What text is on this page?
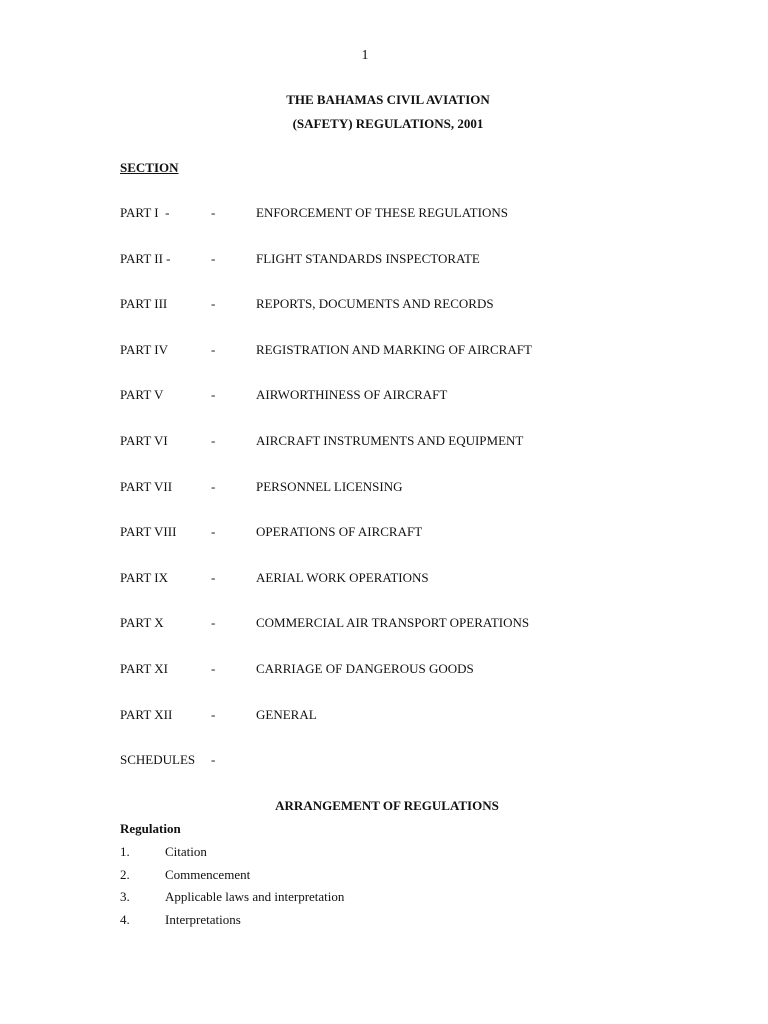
1
THE BAHAMAS CIVIL AVIATION
(SAFETY) REGULATIONS, 2001
SECTION
PART I  -	-	ENFORCEMENT OF THESE REGULATIONS
PART II -	-	FLIGHT STANDARDS INSPECTORATE
PART III	-	REPORTS, DOCUMENTS AND RECORDS
PART IV	-	REGISTRATION AND MARKING OF AIRCRAFT
PART V	-	AIRWORTHINESS OF AIRCRAFT
PART VI	-	AIRCRAFT INSTRUMENTS AND EQUIPMENT
PART VII	-	PERSONNEL LICENSING
PART VIII	-	OPERATIONS OF AIRCRAFT
PART IX	-	AERIAL WORK OPERATIONS
PART X	-	COMMERCIAL AIR TRANSPORT OPERATIONS
PART XI	-	CARRIAGE OF DANGEROUS GOODS
PART XII	-	GENERAL
SCHEDULES -
ARRANGEMENT OF REGULATIONS
Regulation
1.	Citation
2.	Commencement
3.	Applicable laws and interpretation
4.	Interpretations
